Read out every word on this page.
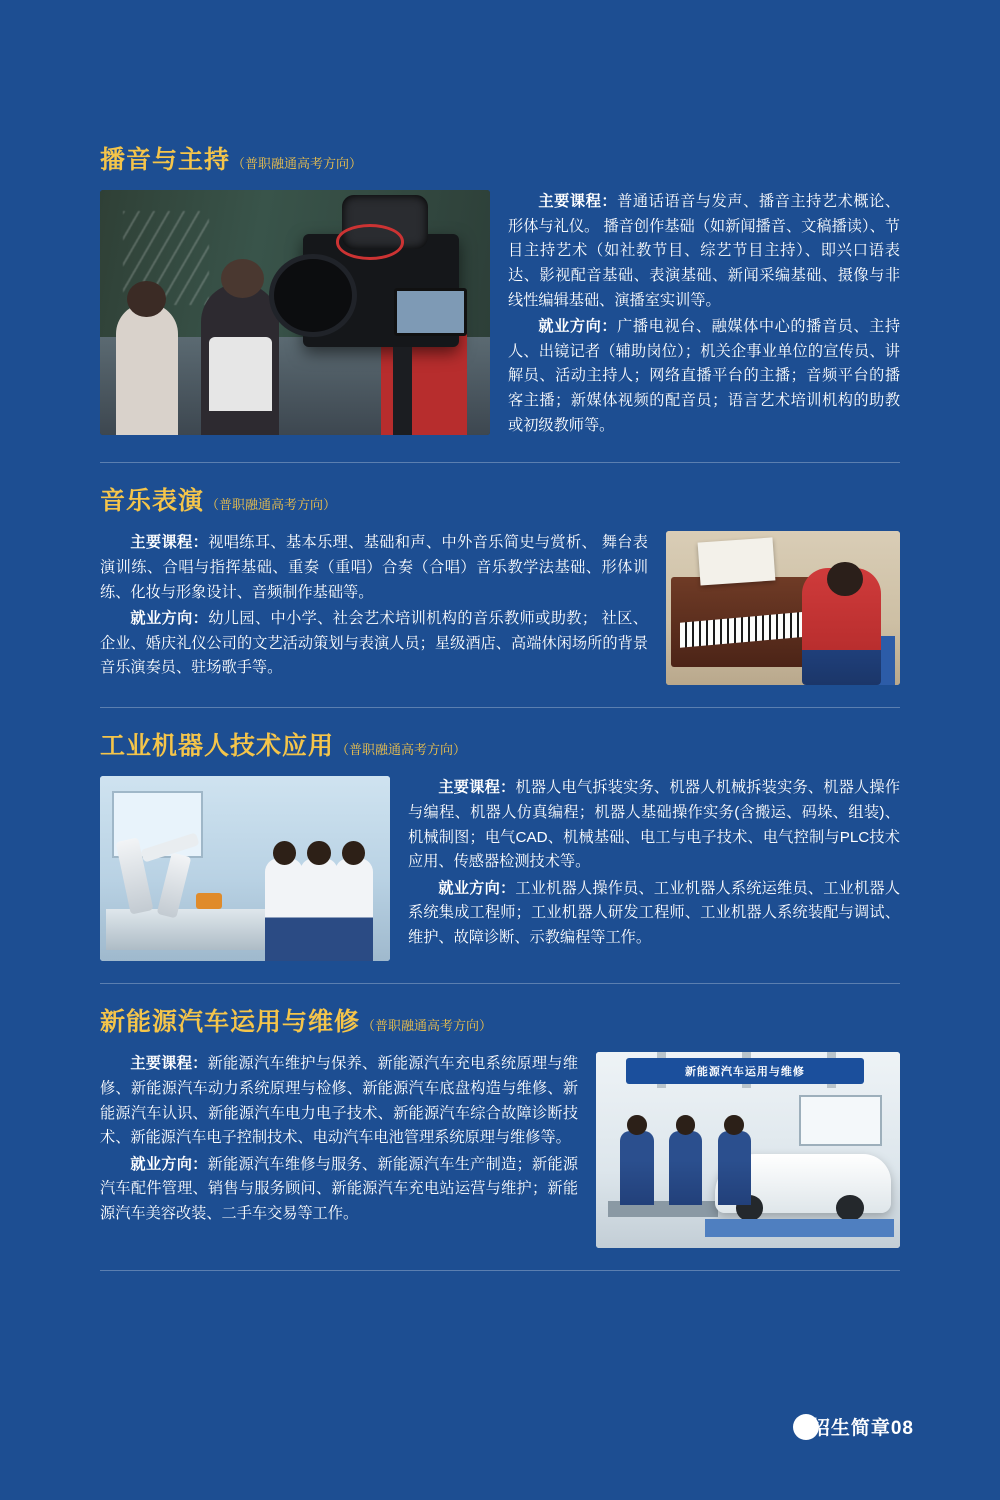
播音与主持 （普职融通高考方向）

主要课程：普通话语音与发声、播音主持艺术概论、形体与礼仪。 播音创作基础（如新闻播音、文稿播读）、节目主持艺术（如社教节目、综艺节目主持）、即兴口语表达、影视配音基础、表演基础、新闻采编基础、摄像与非线性编辑基础、演播室实训等。

就业方向：广播电视台、融媒体中心的播音员、主持人、出镜记者（辅助岗位）；机关企事业单位的宣传员、讲解员、活动主持人；网络直播平台的主播；音频平台的播客主播；新媒体视频的配音员；语言艺术培训机构的助教或初级教师等。

音乐表演 （普职融通高考方向）

主要课程：视唱练耳、基本乐理、基础和声、中外音乐简史与赏析、 舞台表演训练、合唱与指挥基础、重奏（重唱）合奏（合唱）音乐教学法基础、形体训练、化妆与形象设计、音频制作基础等。

就业方向：幼儿园、中小学、社会艺术培训机构的音乐教师或助教； 社区、企业、婚庆礼仪公司的文艺活动策划与表演人员；星级酒店、高端休闲场所的背景音乐演奏员、驻场歌手等。

工业机器人技术应用 （普职融通高考方向）

主要课程：机器人电气拆装实务、机器人机械拆装实务、机器人操作与编程、机器人仿真编程；机器人基础操作实务(含搬运、码垛、组装)、机械制图；电气CAD、机械基础、电工与电子技术、电气控制与PLC技术应用、传感器检测技术等。

就业方向：工业机器人操作员、工业机器人系统运维员、工业机器人系统集成工程师；工业机器人研发工程师、工业机器人系统装配与调试、维护、故障诊断、示教编程等工作。

新能源汽车运用与维修 （普职融通高考方向）

主要课程：新能源汽车维护与保养、新能源汽车充电系统原理与维修、新能源汽车动力系统原理与检修、新能源汽车底盘构造与维修、新能源汽车认识、新能源汽车电力电子技术、新能源汽车综合故障诊断技术、新能源汽车电子控制技术、电动汽车电池管理系统原理与维修等。

就业方向：新能源汽车维修与服务、新能源汽车生产制造；新能源汽车配件管理、销售与服务顾问、新能源汽车充电站运营与维护；新能源汽车美容改装、二手车交易等工作。

新能源汽车运用与维修
招生简章08
